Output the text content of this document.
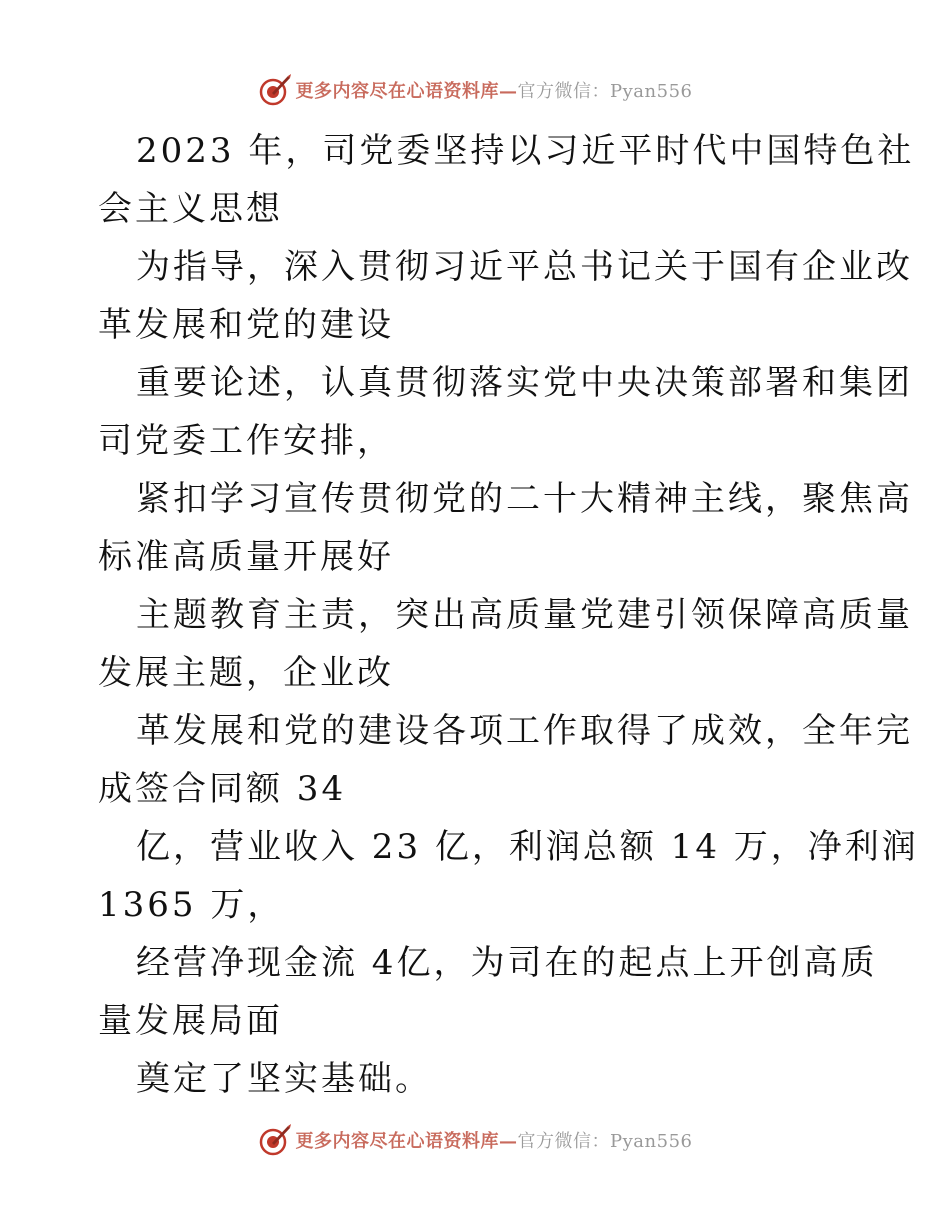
更多内容尽在心语资料库—官方微信：Pyan556
2023 年，司党委坚持以习近平时代中国特色社
会主义思想
为指导，深入贯彻习近平总书记关于国有企业改
革发展和党的建设
重要论述，认真贯彻落实党中央决策部署和集团
司党委工作安排，
紧扣学习宣传贯彻党的二十大精神主线，聚焦高
标准高质量开展好
主题教育主责，突出高质量党建引领保障高质量
发展主题，企业改
革发展和党的建设各项工作取得了成效，全年完
成签合同额 34
亿，营业收入 23 亿，利润总额 14 万，净利润
1365 万，
经营净现金流 4亿，为司在的起点上开创高质
量发展局面
奠定了坚实基础。
更多内容尽在心语资料库—官方微信：Pyan556
